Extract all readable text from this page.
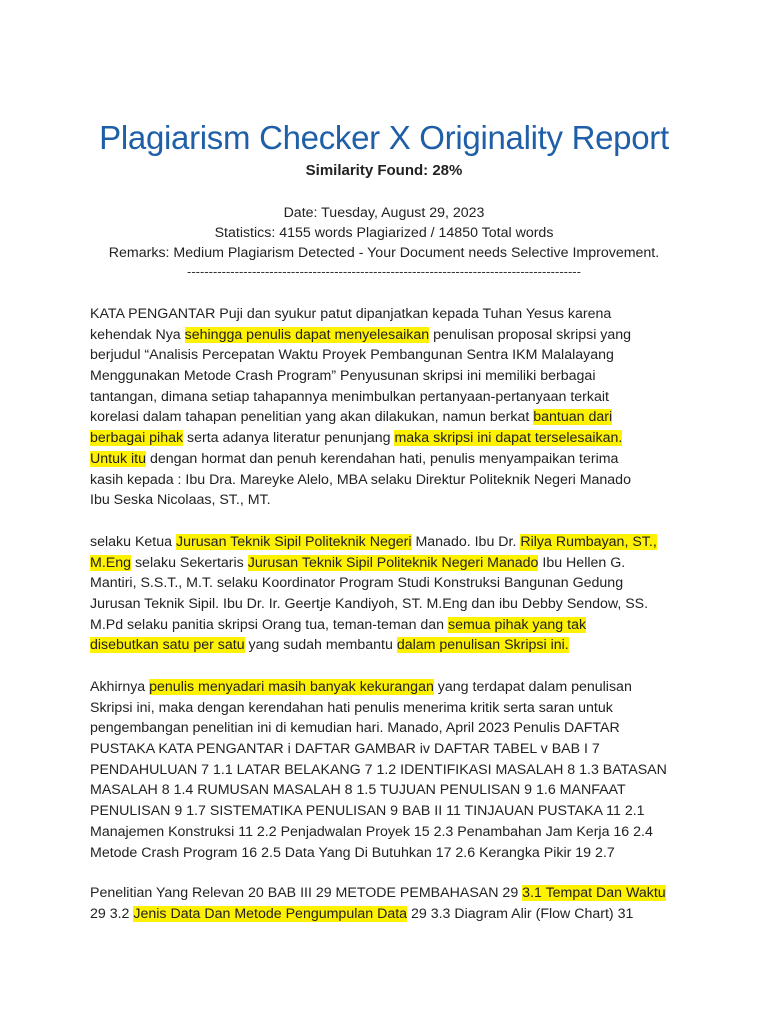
Plagiarism Checker X Originality Report
Similarity Found: 28%
Date: Tuesday, August 29, 2023
Statistics: 4155 words Plagiarized / 14850 Total words
Remarks: Medium Plagiarism Detected - Your Document needs Selective Improvement.
-------------------------------------------------------------------------------------------
KATA PENGANTAR Puji dan syukur patut dipanjatkan kepada Tuhan Yesus karena
kehendak Nya sehingga penulis dapat menyelesaikan penulisan proposal skripsi yang
berjudul “Analisis Percepatan Waktu Proyek Pembangunan Sentra IKM Malalayang
Menggunakan Metode Crash Program” Penyusunan skripsi ini memiliki berbagai
tantangan, dimana setiap tahapannya menimbulkan pertanyaan-pertanyaan terkait
korelasi dalam tahapan penelitian yang akan dilakukan, namun berkat bantuan dari
berbagai pihak serta adanya literatur penunjang maka skripsi ini dapat terselesaikan.
Untuk itu dengan hormat dan penuh kerendahan hati, penulis menyampaikan terima
kasih kepada : Ibu Dra. Mareyke Alelo, MBA selaku Direktur Politeknik Negeri Manado
Ibu Seska Nicolaas, ST., MT.
selaku Ketua Jurusan Teknik Sipil Politeknik Negeri Manado. Ibu Dr. Rilya Rumbayan, ST.,
M.Eng selaku Sekertaris Jurusan Teknik Sipil Politeknik Negeri Manado Ibu Hellen G.
Mantiri, S.S.T., M.T. selaku Koordinator Program Studi Konstruksi Bangunan Gedung
Jurusan Teknik Sipil. Ibu Dr. Ir. Geertje Kandiyoh, ST. M.Eng dan ibu Debby Sendow, SS.
M.Pd selaku panitia skripsi Orang tua, teman-teman dan semua pihak yang tak
disebutkan satu per satu yang sudah membantu dalam penulisan Skripsi ini.
Akhirnya penulis menyadari masih banyak kekurangan yang terdapat dalam penulisan
Skripsi ini, maka dengan kerendahan hati penulis menerima kritik serta saran untuk
pengembangan penelitian ini di kemudian hari. Manado, April 2023 Penulis DAFTAR
PUSTAKA KATA PENGANTAR i DAFTAR GAMBAR iv DAFTAR TABEL v BAB I 7
PENDAHULUAN 7 1.1 LATAR BELAKANG 7 1.2 IDENTIFIKASI MASALAH 8 1.3 BATASAN
MASALAH 8 1.4 RUMUSAN MASALAH 8 1.5 TUJUAN PENULISAN 9 1.6 MANFAAT
PENULISAN 9 1.7 SISTEMATIKA PENULISAN 9 BAB II 11 TINJAUAN PUSTAKA 11 2.1
Manajemen Konstruksi 11 2.2 Penjadwalan Proyek 15 2.3 Penambahan Jam Kerja 16 2.4
Metode Crash Program 16 2.5 Data Yang Di Butuhkan 17 2.6 Kerangka Pikir 19 2.7
Penelitian Yang Relevan 20 BAB III 29 METODE PEMBAHASAN 29 3.1 Tempat Dan Waktu
29 3.2 Jenis Data Dan Metode Pengumpulan Data 29 3.3 Diagram Alir (Flow Chart) 31
